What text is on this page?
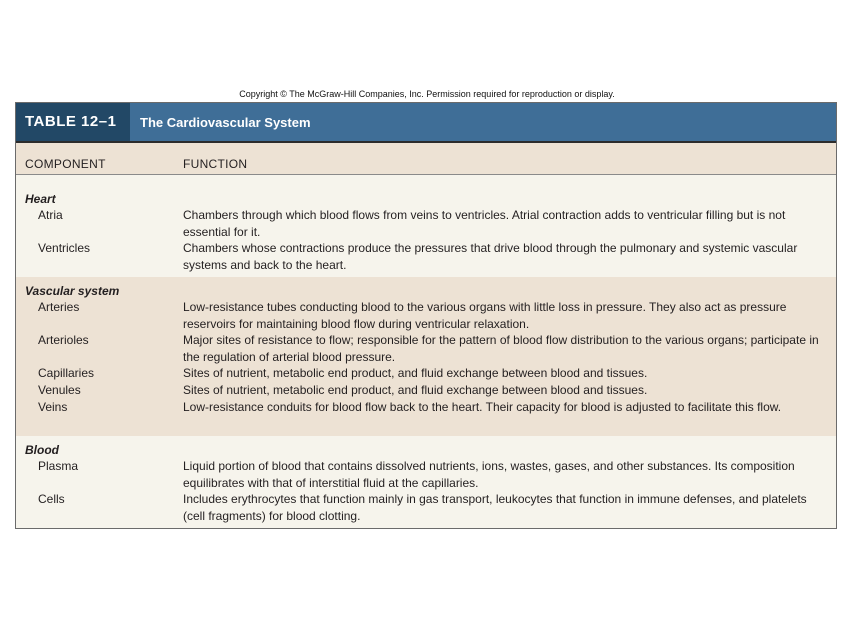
Copyright © The McGraw-Hill Companies, Inc. Permission required for reproduction or display.
TABLE 12–1 The Cardiovascular System
COMPONENT	FUNCTION
Heart
Atria	Chambers through which blood flows from veins to ventricles. Atrial contraction adds to ventricular filling but is not essential for it.
Ventricles	Chambers whose contractions produce the pressures that drive blood through the pulmonary and systemic vascular systems and back to the heart.
Vascular system
Arteries	Low-resistance tubes conducting blood to the various organs with little loss in pressure. They also act as pressure reservoirs for maintaining blood flow during ventricular relaxation.
Arterioles	Major sites of resistance to flow; responsible for the pattern of blood flow distribution to the various organs; participate in the regulation of arterial blood pressure.
Capillaries	Sites of nutrient, metabolic end product, and fluid exchange between blood and tissues.
Venules	Sites of nutrient, metabolic end product, and fluid exchange between blood and tissues.
Veins	Low-resistance conduits for blood flow back to the heart. Their capacity for blood is adjusted to facilitate this flow.
Blood
Plasma	Liquid portion of blood that contains dissolved nutrients, ions, wastes, gases, and other substances. Its composition equilibrates with that of interstitial fluid at the capillaries.
Cells	Includes erythrocytes that function mainly in gas transport, leukocytes that function in immune defenses, and platelets (cell fragments) for blood clotting.
